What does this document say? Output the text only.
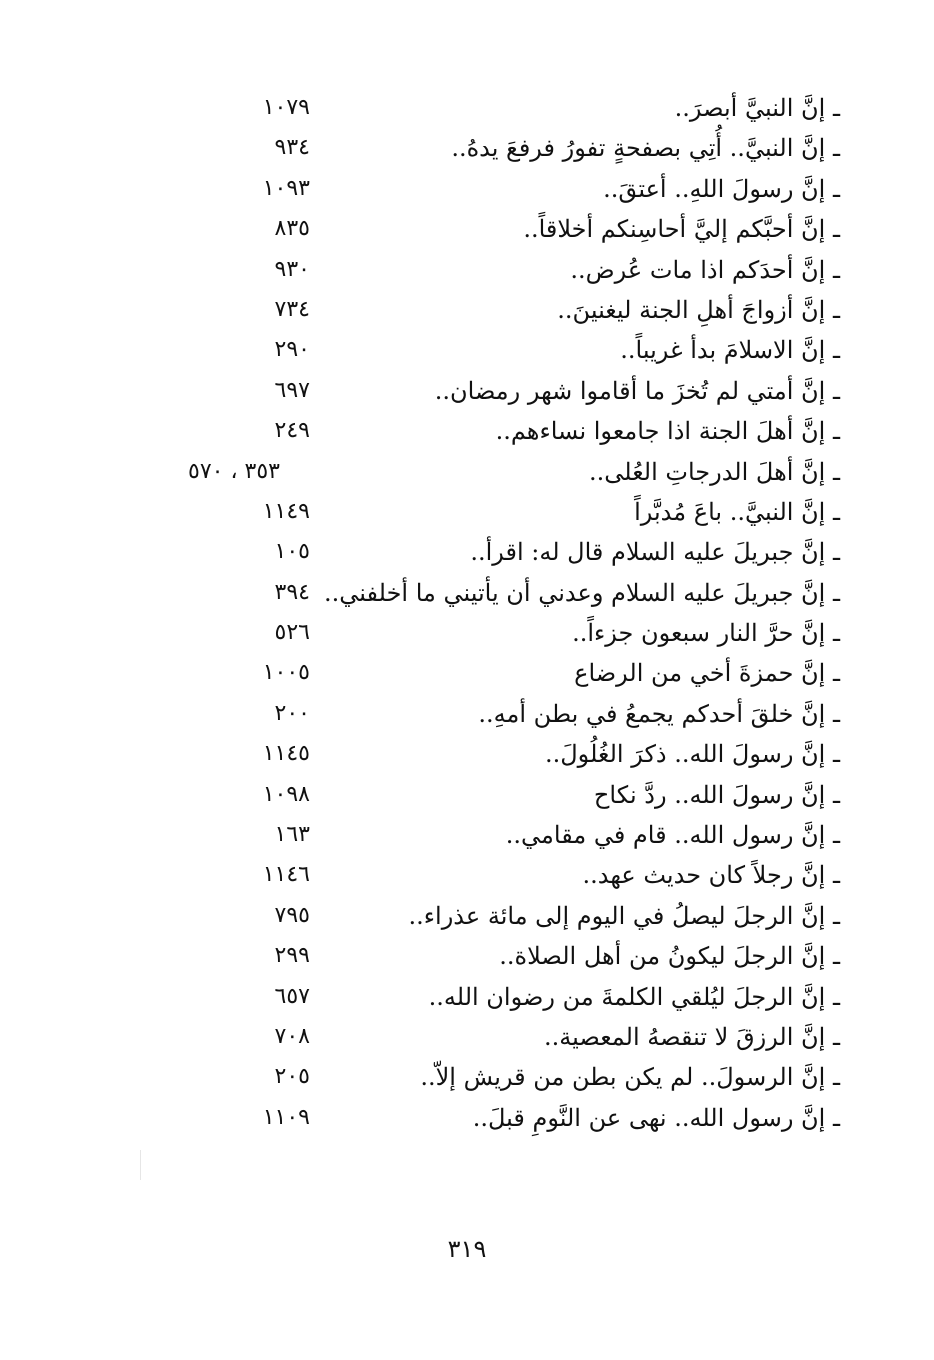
ـ إنَّ النبيَّ أبصرَ..
١٠٧٩
ـ إنَّ النبيَّ.. أُتِي بصفحةٍ تفورُ فرفعَ يدهُ..
٩٣٤
ـ إنَّ رسولَ اللهِ.. أعتقَ..
١٠٩٣
ـ إنَّ أحبَّكم إليَّ أحاسِنكم أخلاقاً..
٨٣٥
ـ إنَّ أحدَكم اذا مات عُرض..
٩٣٠
ـ إنَّ أزواجَ أهلِ الجنة ليغنينَ..
٧٣٤
ـ إنَّ الاسلامَ بدأ غريباً..
٢٩٠
ـ إنَّ أمتي لم تُخزَ ما أقاموا شهر رمضان..
٦٩٧
ـ إنَّ أهلَ الجنة اذا جامعوا نساءهم..
٢٤٩
ـ إنَّ أهلَ الدرجاتِ العُلى..
٣٥٣ ، ٥٧٠
ـ إنَّ النبيَّ.. باعَ مُدبَّراً
١١٤٩
ـ إنَّ جبريلَ عليه السلام قال له: اقرأ..
١٠٥
ـ إنَّ جبريلَ عليه السلام وعدني أن يأتيني ما أخلفني..
٣٩٤
ـ إنَّ حرَّ النار سبعون جزءاً..
٥٢٦
ـ إنَّ حمزةَ أخي من الرضاع
١٠٠٥
ـ إنَّ خلقَ أحدكم يجمعُ في بطن أمهِ..
٢٠٠
ـ إنَّ رسولَ الله.. ذكرَ الغُلُولَ..
١١٤٥
ـ إنَّ رسولَ الله.. ردَّ نكاح
١٠٩٨
ـ إنَّ رسول الله.. قام في مقامي..
١٦٣
ـ إنَّ رجلاً كان حديث عهد..
١١٤٦
ـ إنَّ الرجلَ ليصلُ في اليوم إلى مائة عذراء..
٧٩٥
ـ إنَّ الرجلَ ليكونُ من أهل الصلاة..
٢٩٩
ـ إنَّ الرجلَ ليُلقي الكلمةَ من رضوان الله..
٦٥٧
ـ إنَّ الرزقَ لا تنقصهُ المعصية..
٧٠٨
ـ إنَّ الرسولَ.. لم يكن بطن من قريش إلاّ..
٢٠٥
ـ إنَّ رسول الله.. نهى عن النَّومِ قبلَ..
١١٠٩
٣١٩
